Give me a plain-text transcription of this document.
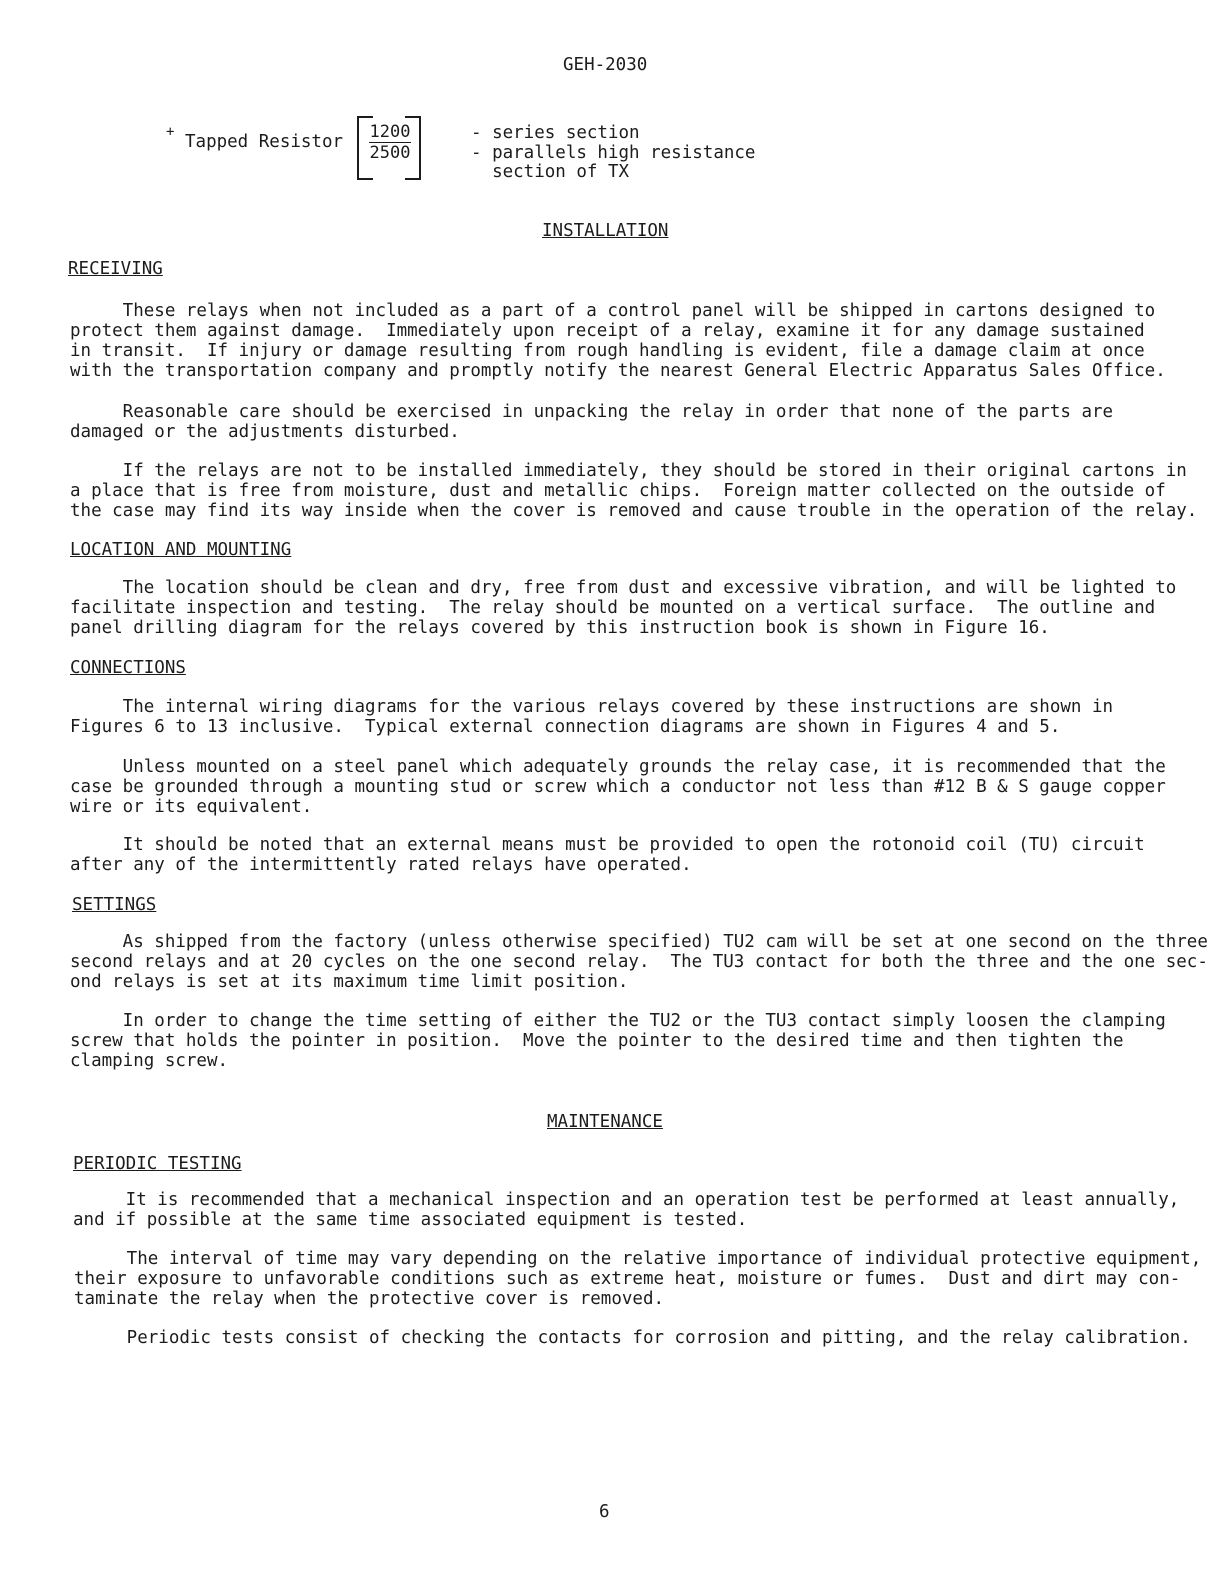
GEH-2030
+ Tapped Resistor $\frac{1200}{2500}$	- series section
- parallels high resistance
section of TX
INSTALLATION
RECEIVING
These relays when not included as a part of a control panel will be shipped in cartons designed to
protect them against damage.  Immediately upon receipt of a relay, examine it for any damage sustained
in transit.  If injury or damage resulting from rough handling is evident, file a damage claim at once
with the transportation company and promptly notify the nearest General Electric Apparatus Sales Office.
Reasonable care should be exercised in unpacking the relay in order that none of the parts are
damaged or the adjustments disturbed.
If the relays are not to be installed immediately, they should be stored in their original cartons in
a place that is free from moisture, dust and metallic chips.  Foreign matter collected on the outside of
the case may find its way inside when the cover is removed and cause trouble in the operation of the relay.
LOCATION AND MOUNTING
The location should be clean and dry, free from dust and excessive vibration, and will be lighted to
facilitate inspection and testing.  The relay should be mounted on a vertical surface.  The outline and
panel drilling diagram for the relays covered by this instruction book is shown in Figure 16.
CONNECTIONS
The internal wiring diagrams for the various relays covered by these instructions are shown in
Figures 6 to 13 inclusive.  Typical external connection diagrams are shown in Figures 4 and 5.
Unless mounted on a steel panel which adequately grounds the relay case, it is recommended that the
case be grounded through a mounting stud or screw which a conductor not less than #12 B & S gauge copper
wire or its equivalent.
It should be noted that an external means must be provided to open the rotonoid coil (TU) circuit
after any of the intermittently rated relays have operated.
SETTINGS
As shipped from the factory (unless otherwise specified) TU2 cam will be set at one second on the three
second relays and at 20 cycles on the one second relay.  The TU3 contact for both the three and the one sec-
ond relays is set at its maximum time limit position.
In order to change the time setting of either the TU2 or the TU3 contact simply loosen the clamping
screw that holds the pointer in position.  Move the pointer to the desired time and then tighten the
clamping screw.
MAINTENANCE
PERIODIC TESTING
It is recommended that a mechanical inspection and an operation test be performed at least annually,
and if possible at the same time associated equipment is tested.
The interval of time may vary depending on the relative importance of individual protective equipment,
their exposure to unfavorable conditions such as extreme heat, moisture or fumes.  Dust and dirt may con-
taminate the relay when the protective cover is removed.
Periodic tests consist of checking the contacts for corrosion and pitting, and the relay calibration.
6
